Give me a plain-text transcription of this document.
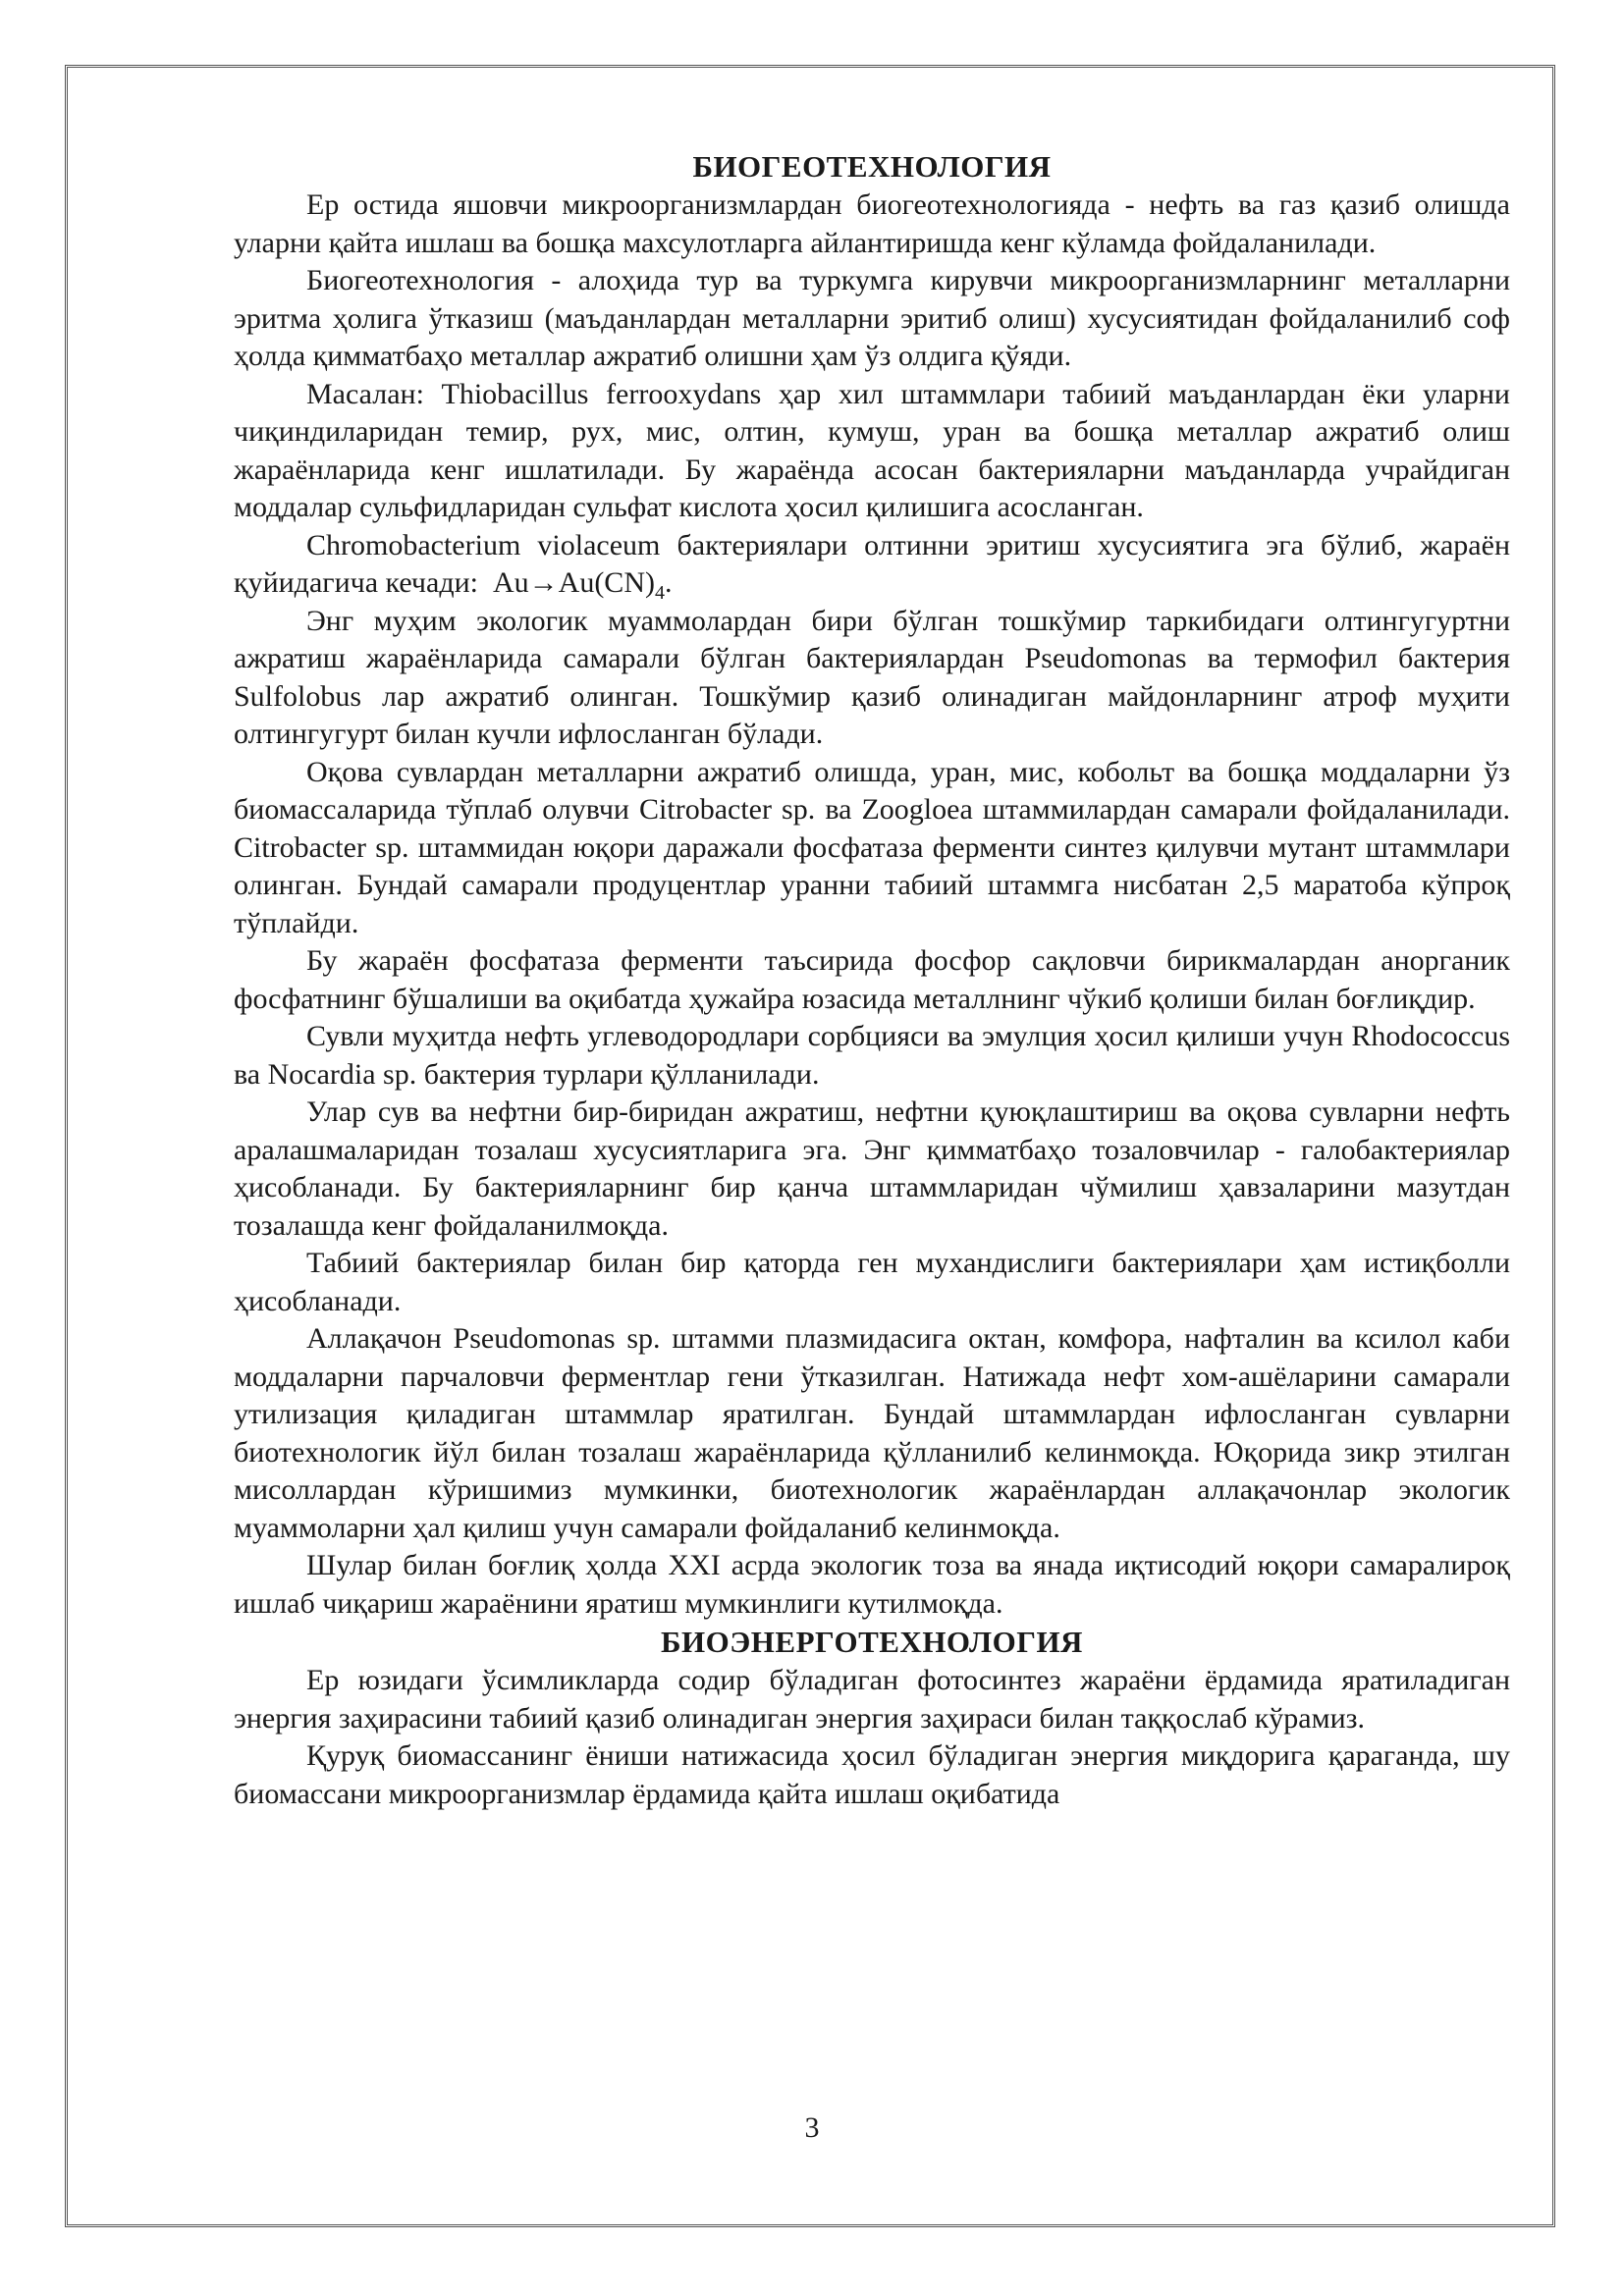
БИОГЕОТЕХНОЛОГИЯ

Ер остида яшовчи микроорганизмлардан биогеотехнологияда - нефть ва газ қазиб олишда уларни қайта ишлаш ва бошқа махсулотларга айлантиришда кенг кўламда фойдаланилади.

Биогеотехнология - алоҳида тур ва туркумга кирувчи микроорганизмларнинг металларни эритма ҳолига ўтказиш (маъданлардан металларни эритиб олиш) хусусиятидан фойдаланилиб соф ҳолда қимматбаҳо металлар ажратиб олишни ҳам ўз олдига қўяди.

Масалан: Thiobacillus ferrooxydans ҳар хил штаммлари табиий маъданлардан ёки уларни чиқиндиларидан темир, рух, мис, олтин, кумуш, уран ва бошқа металлар ажратиб олиш жараёнларида кенг ишлатилади. Бу жараёнда асосан бактерияларни маъданларда учрайдиган моддалар сульфидларидан сульфат кислота ҳосил қилишига асосланган.

Chromobacterium violaceum бактериялари олтинни эритиш хусусиятига эга бўлиб, жараён қуйидагича кечади: $Au\to Au(CN)_4$.

Энг муҳим экологик муаммолардан бири бўлган тошкўмир таркибидаги олтингугуртни ажратиш жараёнларида самарали бўлган бактериялардан Pseudomonas ва термофил бактерия Sulfolobus лар ажратиб олинган. Тошкўмир қазиб олинадиган майдонларнинг атроф муҳити олтингугурт билан кучли ифлосланган бўлади.

Оқова сувлардан металларни ажратиб олишда, уран, мис, кобольт ва бошқа моддаларни ўз биомассаларида тўплаб олувчи Citrobacter sp. ва Zoogloea штаммилардан самарали фойдаланилади. Citrobacter sp. штаммидан юқори даражали фосфатаза ферменти синтез қилувчи мутант штаммлари олинган. Бундай самарали продуцентлар уранни табиий штаммга нисбатан 2,5 маратоба кўпроқ тўплайди.

Бу жараён фосфатаза ферменти таъсирида фосфор сақловчи бирикмалардан анорганик фосфатнинг бўшалиши ва оқибатда ҳужайра юзасида металлнинг чўкиб қолиши билан боғлиқдир.

Сувли муҳитда нефть углеводородлари сорбцияси ва эмулция ҳосил қилиши учун Rhodococcus ва Nocardia sp. бактерия турлари қўлланилади.

Улар сув ва нефтни бир-биридан ажратиш, нефтни қуюқлаштириш ва оқова сувларни нефть аралашмаларидан тозалаш хусусиятларига эга. Энг қимматбаҳо тозаловчилар - галобактериялар ҳисобланади. Бу бактерияларнинг бир қанча штаммларидан чўмилиш ҳавзаларини мазутдан тозалашда кенг фойдаланилмоқда.

Табиий бактериялар билан бир қаторда ген мухандислиги бактериялари ҳам истиқболли ҳисобланади.

Аллақачон Pseudomonas sp. штамми плазмидасига октан, комфора, нафталин ва ксилол каби моддаларни парчаловчи ферментлар гени ўтказилган. Натижада нефт хом-ашёларини самарали утилизация қиладиган штаммлар яратилган. Бундай штаммлардан ифлосланган сувларни биотехнологик йўл билан тозалаш жараёнларида қўлланилиб келинмоқда. Юқорида зикр этилган мисоллардан кўришимиз мумкинки, биотехнологик жараёнлардан аллақачонлар экологик муаммоларни ҳал қилиш учун самарали фойдаланиб келинмоқда.

Шулар билан боғлиқ ҳолда XXI асрда экологик тоза ва янада иқтисодий юқори самаралироқ ишлаб чиқариш жараёнини яратиш мумкинлиги кутилмоқда.

БИОЭНЕРГОТЕХНОЛОГИЯ

Ер юзидаги ўсимликларда содир бўладиган фотосинтез жараёни ёрдамида яратиладиган энергия заҳирасини табиий қазиб олинадиган энергия заҳираси билан таққослаб кўрамиз.

Қуруқ биомассанинг ёниши натижасида ҳосил бўладиган энергия миқдорига қараганда, шу биомассани микроорганизмлар ёрдамида қайта ишлаш оқибатида

3
